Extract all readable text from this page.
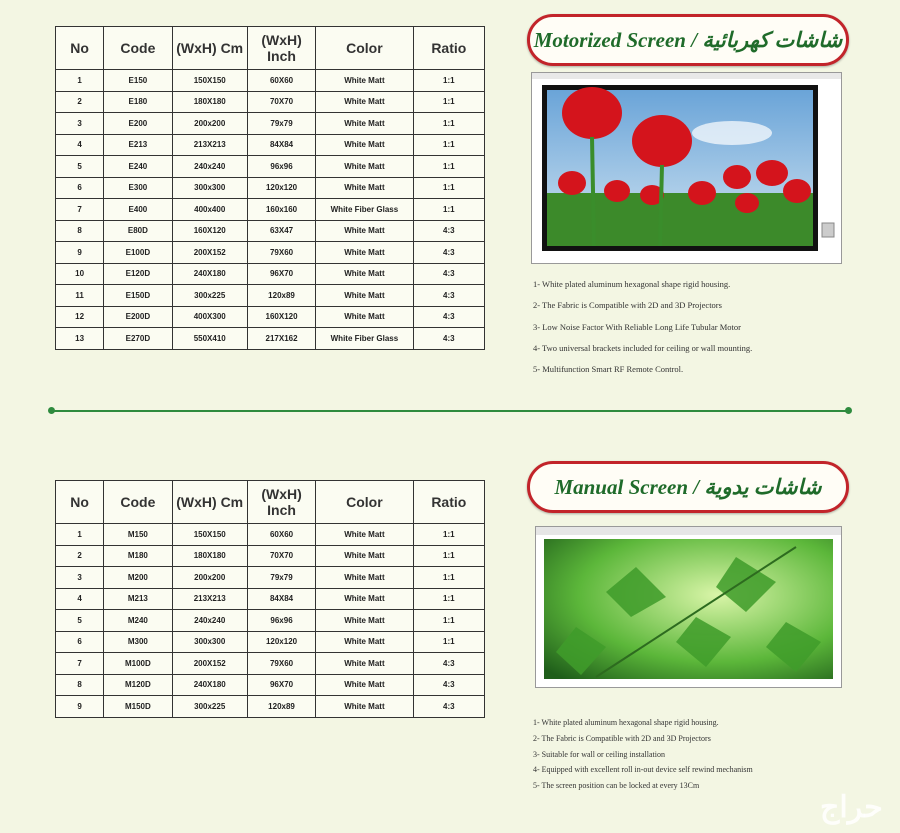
No	Code	(WxH) Cm	(WxH) Inch	Color	Ratio
1	E150	150X150	60X60	White Matt	1:1
2	E180	180X180	70X70	White Matt	1:1
3	E200	200x200	79x79	White Matt	1:1
4	E213	213X213	84X84	White Matt	1:1
5	E240	240x240	96x96	White Matt	1:1
6	E300	300x300	120x120	White Matt	1:1
7	E400	400x400	160x160	White Fiber Glass	1:1
8	E80D	160X120	63X47	White Matt	4:3
9	E100D	200X152	79X60	White Matt	4:3
10	E120D	240X180	96X70	White Matt	4:3
11	E150D	300x225	120x89	White Matt	4:3
12	E200D	400X300	160X120	White Matt	4:3
13	E270D	550X410	217X162	White Fiber Glass	4:3
Motorized Screen / شاشات كهربائية
1- White plated aluminum hexagonal shape rigid housing.
2- The Fabric is Compatible with 2D and 3D Projectors
3- Low Noise Factor With Reliable Long Life Tubular Motor
4- Two universal brackets included for ceiling or wall mounting.
5- Multifunction Smart RF Remote Control.
No	Code	(WxH) Cm	(WxH) Inch	Color	Ratio
1	M150	150X150	60X60	White Matt	1:1
2	M180	180X180	70X70	White Matt	1:1
3	M200	200x200	79x79	White Matt	1:1
4	M213	213X213	84X84	White Matt	1:1
5	M240	240x240	96x96	White Matt	1:1
6	M300	300x300	120x120	White Matt	1:1
7	M100D	200X152	79X60	White Matt	4:3
8	M120D	240X180	96X70	White Matt	4:3
9	M150D	300x225	120x89	White Matt	4:3
Manual Screen / شاشات يدوية
1- White plated aluminum hexagonal shape rigid housing.
2- The Fabric is Compatible with 2D and 3D Projectors
3- Suitable for wall or ceiling installation
4- Equipped with excellent roll in-out device self rewind mechanism
5- The screen position can be locked at every 13Cm
حراج
